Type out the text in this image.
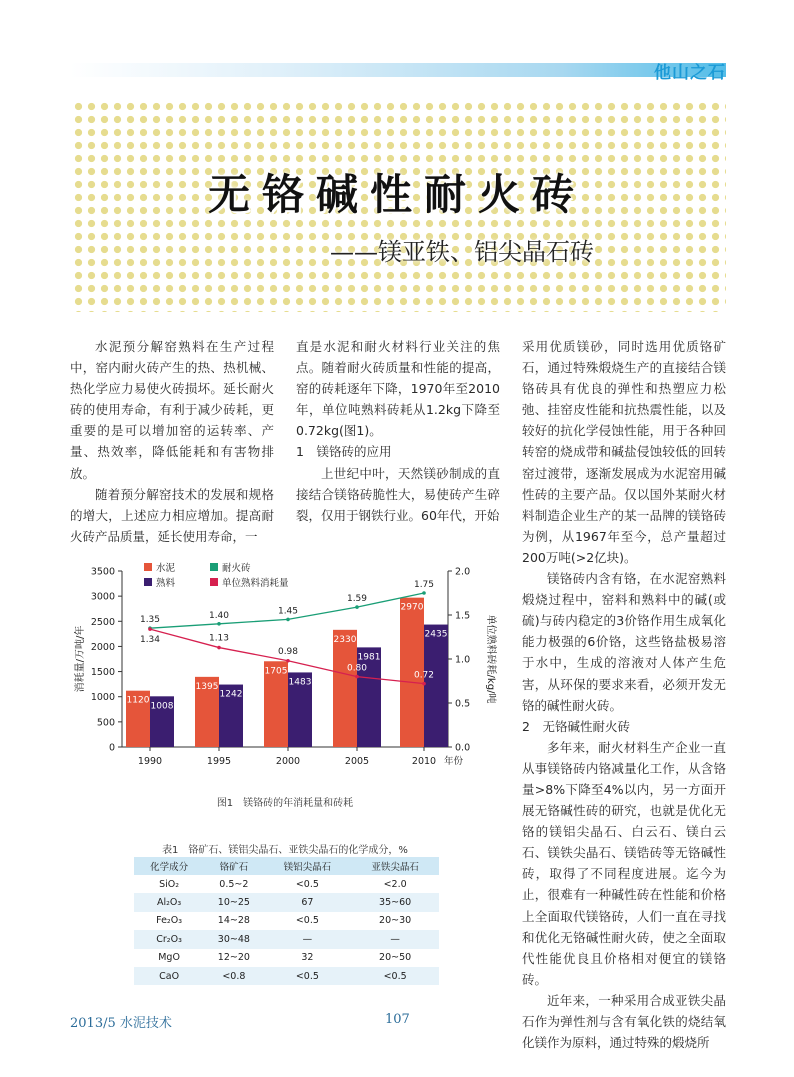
他山之石
无铬碱性耐火砖
——镁亚铁、铝尖晶石砖

水泥预分解窑熟料在生产过程中，窑内耐火砖产生的热、热机械、热化学应力易使火砖损坏。延长耐火砖的使用寿命，有利于减少砖耗，更重要的是可以增加窑的运转率、产量、热效率，降低能耗和有害物排放。

随着预分解窑技术的发展和规格的增大，上述应力相应增加。提高耐火砖产品质量，延长使用寿命，一

直是水泥和耐火材料行业关注的焦点。随着耐火砖质量和性能的提高，窑的砖耗逐年下降，1970年至2010年，单位吨熟料砖耗从1.2kg下降至0.72kg(图1)。

1　镁铬砖的应用

上世纪中叶，天然镁砂制成的直接结合镁铬砖脆性大，易使砖产生碎裂，仅用于钢铁行业。60年代，开始

采用优质镁砂，同时选用优质铬矿石，通过特殊煅烧生产的直接结合镁铬砖具有优良的弹性和热塑应力松弛、挂窑皮性能和抗热震性能，以及较好的抗化学侵蚀性能，用于各种回转窑的烧成带和碱盐侵蚀较低的回转窑过渡带，逐渐发展成为水泥窑用碱性砖的主要产品。仅以国外某耐火材料制造企业生产的某一品牌的镁铬砖为例，从1967年至今，总产量超过200万吨(>2亿块)。

镁铬砖内含有铬，在水泥窑熟料煅烧过程中，窑料和熟料中的碱(或硫)与砖内稳定的3价铬作用生成氧化能力极强的6价铬，这些铬盐极易溶于水中，生成的溶液对人体产生危害，从环保的要求来看，必须开发无铬的碱性耐火砖。

2　无铬碱性耐火砖

多年来，耐火材料生产企业一直从事镁铬砖内铬减量化工作，从含铬量>8%下降至4%以内，另一方面开展无铬碱性砖的研究，也就是优化无铬的镁铝尖晶石、白云石、镁白云石、镁铁尖晶石、镁锆砖等无铬碱性砖，取得了不同程度进展。迄今为止，很难有一种碱性砖在性能和价格上全面取代镁铬砖，人们一直在寻找和优化无铬碱性耐火砖，使之全面取代性能优良且价格相对便宜的镁铬砖。

近年来，一种采用合成亚铁尖晶石作为弹性剂与含有氧化铁的烧结氧化镁作为原料，通过特殊的煅烧所

0
500
1000
1500
2000
2500
3000
3500
0.0
0.5
1.0
1.5
2.0
消耗量/万吨/年	单位熟料砖耗/kg/吨
1990	1995	2000	2005	2010 年份
1120
1395
1705
2330
2970
1008
1242
1483
1981
2435
1.35	1.40	1.45
1.59
1.75
1.34	1.13
0.98
0.80
0.72
水泥	耐火砖
熟料	单位熟料消耗量
图1　镁铬砖的年消耗量和砖耗
表1　铬矿石、镁铝尖晶石、亚铁尖晶石的化学成分，%
化学成分	铬矿石	镁铝尖晶石	亚铁尖晶石
SiO₂	0.5~2	<0.5	<2.0
Al₂O₃	10~25	67	35~60
Fe₂O₃	14~28	<0.5	20~30
Cr₂O₃	30~48	—	—
MgO	12~20	32	20~50
CaO	<0.8	<0.5	<0.5
2013/5 水泥技术	107
